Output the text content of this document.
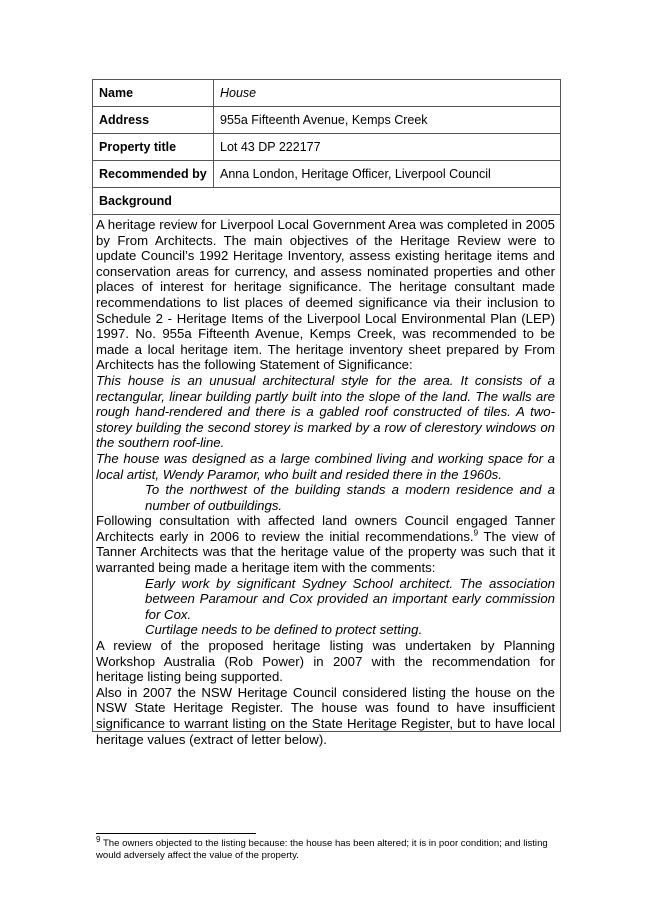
Name	House
Address	955a Fifteenth Avenue, Kemps Creek
Property title	Lot 43 DP 222177
Recommended by	Anna London, Heritage Officer, Liverpool Council
Background	

A heritage review for Liverpool Local Government Area was completed in 2005 by From Architects. The main objectives of the Heritage Review were to update Council’s 1992 Heritage Inventory, assess existing heritage items and conservation areas for currency, and assess nominated properties and other places of interest for heritage significance. The heritage consultant made recommendations to list places of deemed significance via their inclusion to Schedule 2 - Heritage Items of the Liverpool Local Environmental Plan (LEP) 1997. No. 955a Fifteenth Avenue, Kemps Creek, was recommended to be made a local heritage item. The heritage inventory sheet prepared by From Architects has the following Statement of Significance:

This house is an unusual architectural style for the area. It consists of a rectangular, linear building partly built into the slope of the land. The walls are rough hand-rendered and there is a gabled roof constructed of tiles. A two-storey building the second storey is marked by a row of clerestory windows on the southern roof-line.

The house was designed as a large combined living and working space for a local artist, Wendy Paramor, who built and resided there in the 1960s.

To the northwest of the building stands a modern residence and a number of outbuildings.

Following consultation with affected land owners Council engaged Tanner Architects early in 2006 to review the initial recommendations.$^9$ The view of Tanner Architects was that the heritage value of the property was such that it warranted being made a heritage item with the comments:

Early work by significant Sydney School architect. The association between Paramour and Cox provided an important early commission for Cox.

Curtilage needs to be defined to protect setting.

A review of the proposed heritage listing was undertaken by Planning Workshop Australia (Rob Power) in 2007 with the recommendation for heritage listing being supported.

Also in 2007 the NSW Heritage Council considered listing the house on the NSW State Heritage Register. The house was found to have insufficient significance to warrant listing on the State Heritage Register, but to have local heritage values (extract of letter below).

$^9$ The owners objected to the listing because: the house has been altered; it is in poor condition; and listing would adversely affect the value of the property.
